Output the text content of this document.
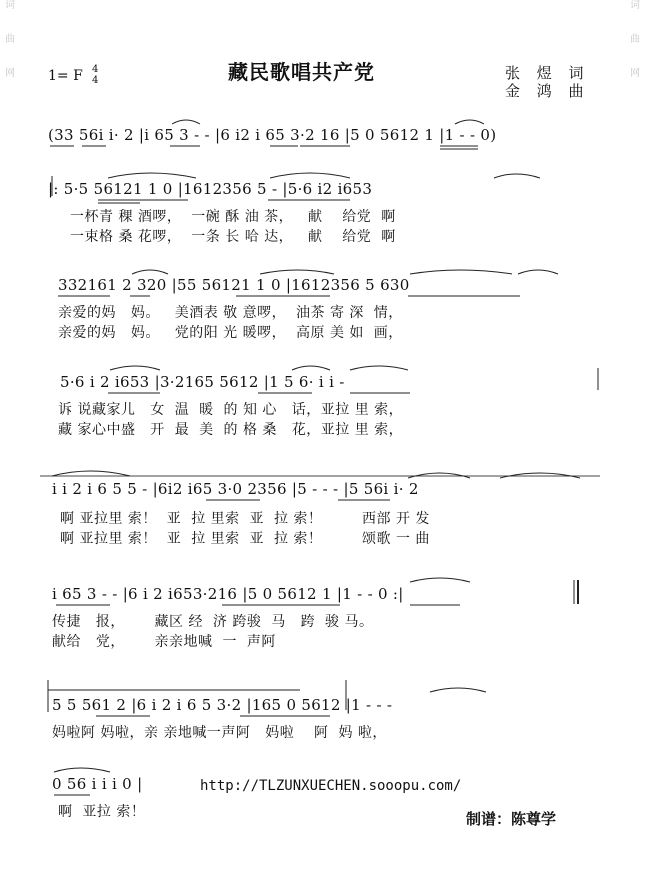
词
曲
网
词
曲
网
1= F 4
4	藏民歌唱共产党	张 煜 词
金 鸿 曲
(33 56i i· 2 |i 65 3 - - |6 i2 i 65 3·2 16 |5 0 5612 1 |1 - - 0)
|: 5·5 56121 1 0 |1612356 5 - |5·6 i2 i653
一杯青 稞 酒啰，  一碗 酥 油 茶，   献    给党  啊
一束格 桑 花啰，  一条 长 哈 达，   献    给党  啊
332161 2 320 |55 56121 1 0 |1612356 5 630
亲爱的妈   妈。   美酒表 敬 意啰，  油茶 寄 深  情，
亲爱的妈   妈。   党的阳 光 暖啰，  高原 美 如  画，
5·6 i 2 i653 |3·2165 5612 |1 5 6· i i -
诉 说藏家儿   女  温  暖  的 知 心   话，亚拉 里 索，
藏 家心中盛   开  最  美  的 格 桑   花，亚拉 里 索，
i i 2 i 6 5 5 - |6i2 i65 3·0 2356 |5 - - - |5 56i i· 2
啊 亚拉里 索！  亚  拉 里索  亚  拉 索！        西部 开 发
啊 亚拉里 索！  亚  拉 里索  亚  拉 索！        颂歌 一 曲
i 65 3 - - |6 i 2 i653·216 |5 0 5612 1 |1 - - 0 :|
传捷   报，      藏区 经  济 跨骏  马   跨  骏 马。
献给   党，      亲亲地喊  一  声阿
5 5 561 2 |6 i 2 i 6 5 3·2 |165 0 5612 |1 - - -
妈啦阿 妈啦，亲 亲地喊一声阿   妈啦    阿  妈 啦，
0 56 i i i 0 |
啊  亚拉 索！
http://TLZUNXUECHEN.sooopu.com/
制谱：陈尊学
